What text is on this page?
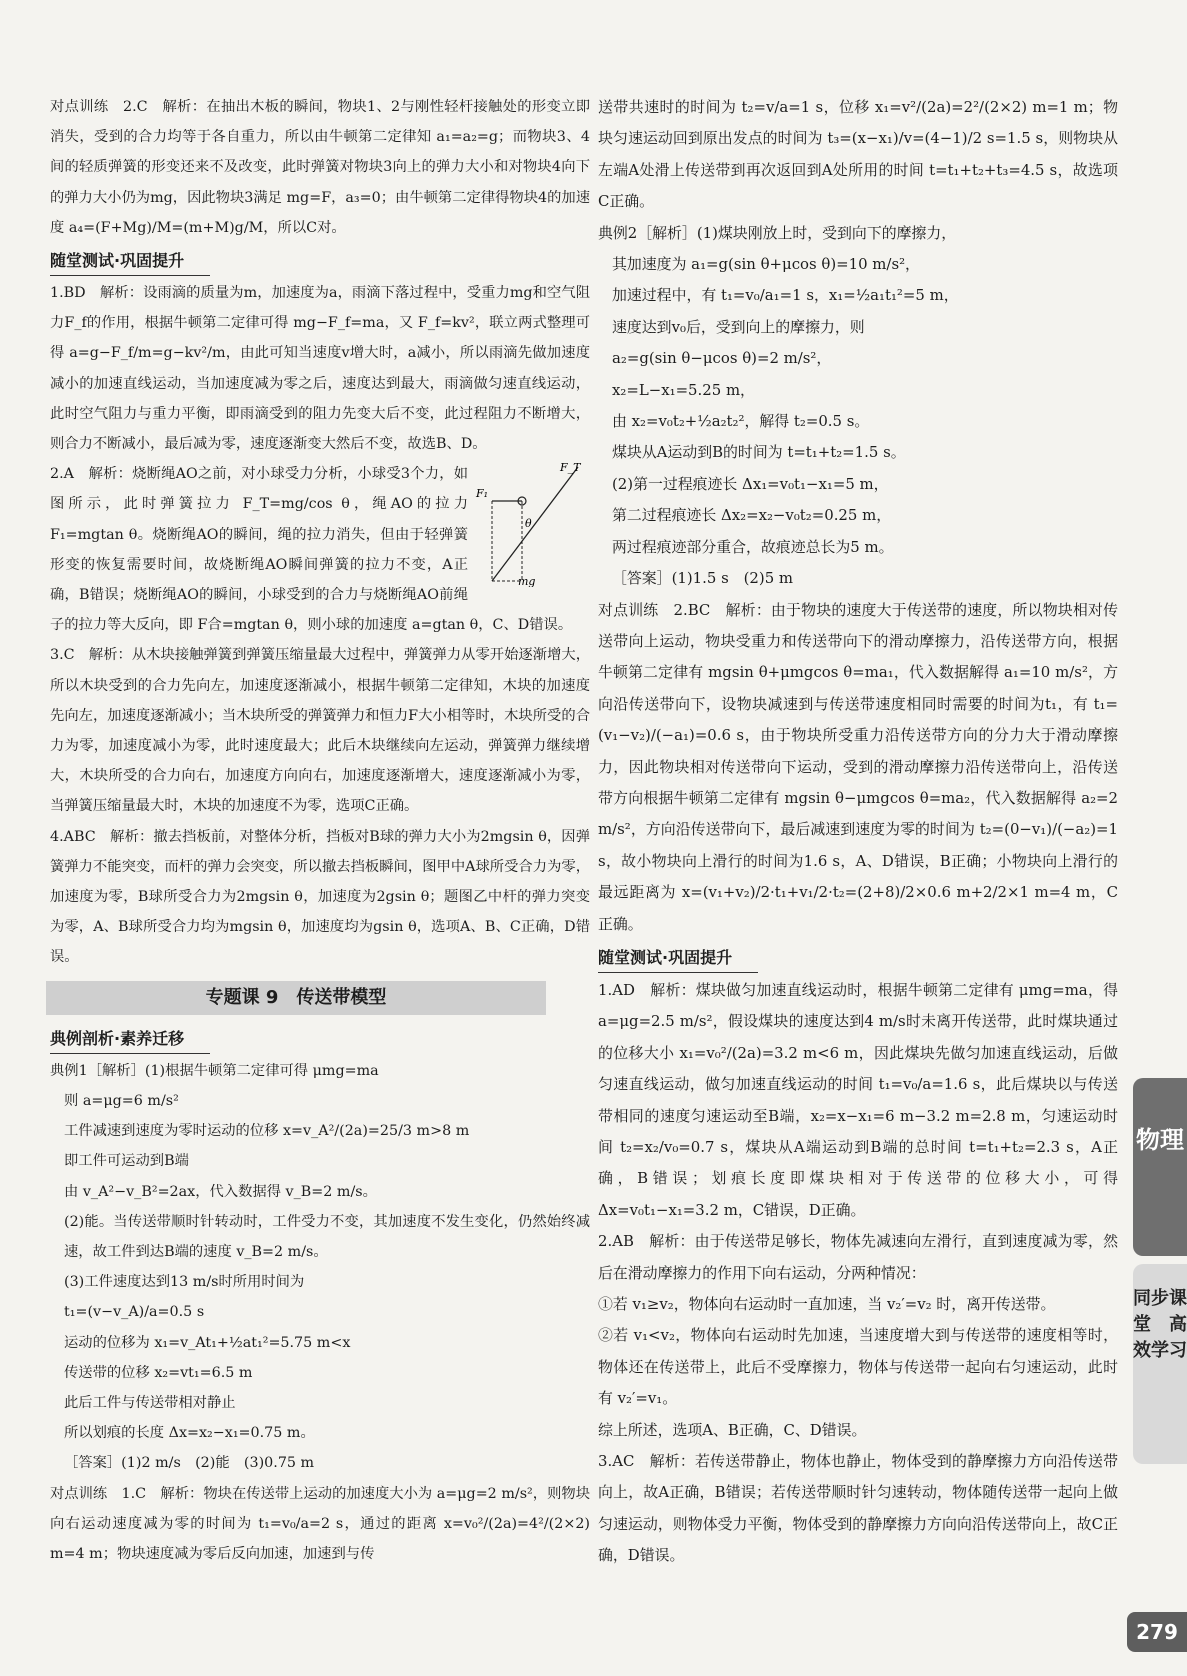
对点训练　2.C　解析：在抽出木板的瞬间，物块1、2与刚性轻杆接触处的形变立即消失，受到的合力均等于各自重力，所以由牛顿第二定律知 a₁=a₂=g；而物块3、4间的轻质弹簧的形变还来不及改变，此时弹簧对物块3向上的弹力大小和对物块4向下的弹力大小仍为mg，因此物块3满足 mg=F，a₃=0；由牛顿第二定律得物块4的加速度 a₄=(F+Mg)/M=(m+M)g/M，所以C对。

随堂测试·巩固提升

1.BD　解析：设雨滴的质量为m，加速度为a，雨滴下落过程中，受重力mg和空气阻力F_f的作用，根据牛顿第二定律可得 mg−F_f=ma，又 F_f=kv²，联立两式整理可得 a=g−F_f/m=g−kv²/m，由此可知当速度v增大时，a减小，所以雨滴先做加速度减小的加速直线运动，当加速度减为零之后，速度达到最大，雨滴做匀速直线运动，此时空气阻力与重力平衡，即雨滴受到的阻力先变大后不变，此过程阻力不断增大，则合力不断减小，最后减为零，速度逐渐变大然后不变，故选B、D。

F_T
F₁
θ
mg

2.A　解析：烧断绳AO之前，对小球受力分析，小球受3个力，如图所示，此时弹簧拉力 F_T=mg/cos θ，绳AO的拉力 F₁=mgtan θ。烧断绳AO的瞬间，绳的拉力消失，但由于轻弹簧形变的恢复需要时间，故烧断绳AO瞬间弹簧的拉力不变，A正确，B错误；烧断绳AO的瞬间，小球受到的合力与烧断绳AO前绳子的拉力等大反向，即 F合=mgtan θ，则小球的加速度 a=gtan θ，C、D错误。

3.C　解析：从木块接触弹簧到弹簧压缩量最大过程中，弹簧弹力从零开始逐渐增大，所以木块受到的合力先向左，加速度逐渐减小，根据牛顿第二定律知，木块的加速度先向左，加速度逐渐减小；当木块所受的弹簧弹力和恒力F大小相等时，木块所受的合力为零，加速度减小为零，此时速度最大；此后木块继续向左运动，弹簧弹力继续增大，木块所受的合力向右，加速度方向向右，加速度逐渐增大，速度逐渐减小为零，当弹簧压缩量最大时，木块的加速度不为零，选项C正确。

4.ABC　解析：撤去挡板前，对整体分析，挡板对B球的弹力大小为2mgsin θ，因弹簧弹力不能突变，而杆的弹力会突变，所以撤去挡板瞬间，图甲中A球所受合力为零，加速度为零，B球所受合力为2mgsin θ，加速度为2gsin θ；题图乙中杆的弹力突变为零，A、B球所受合力均为mgsin θ，加速度均为gsin θ，选项A、B、C正确，D错误。

专题课 9　传送带模型
典例剖析·素养迁移

典例1［解析］(1)根据牛顿第二定律可得 μmg=ma

则 a=μg=6 m/s²

工件减速到速度为零时运动的位移 x=v_A²/(2a)=25/3 m>8 m

即工件可运动到B端

由 v_A²−v_B²=2ax，代入数据得 v_B=2 m/s。

(2)能。当传送带顺时针转动时，工件受力不变，其加速度不发生变化，仍然始终减速，故工件到达B端的速度 v_B=2 m/s。

(3)工件速度达到13 m/s时所用时间为

t₁=(v−v_A)/a=0.5 s

运动的位移为 x₁=v_At₁+½at₁²=5.75 m<x

传送带的位移 x₂=vt₁=6.5 m

此后工件与传送带相对静止

所以划痕的长度 Δx=x₂−x₁=0.75 m。

［答案］(1)2 m/s　(2)能　(3)0.75 m

对点训练　1.C　解析：物块在传送带上运动的加速度大小为 a=μg=2 m/s²，则物块向右运动速度减为零的时间为 t₁=v₀/a=2 s，通过的距离 x=v₀²/(2a)=4²/(2×2) m=4 m；物块速度减为零后反向加速，加速到与传

送带共速时的时间为 t₂=v/a=1 s，位移 x₁=v²/(2a)=2²/(2×2) m=1 m；物块匀速运动回到原出发点的时间为 t₃=(x−x₁)/v=(4−1)/2 s=1.5 s，则物块从左端A处滑上传送带到再次返回到A处所用的时间 t=t₁+t₂+t₃=4.5 s，故选项C正确。

典例2［解析］(1)煤块刚放上时，受到向下的摩擦力，

其加速度为 a₁=g(sin θ+μcos θ)=10 m/s²，

加速过程中，有 t₁=v₀/a₁=1 s，x₁=½a₁t₁²=5 m，

速度达到v₀后，受到向上的摩擦力，则

a₂=g(sin θ−μcos θ)=2 m/s²，

x₂=L−x₁=5.25 m，

由 x₂=v₀t₂+½a₂t₂²，解得 t₂=0.5 s。

煤块从A运动到B的时间为 t=t₁+t₂=1.5 s。

(2)第一过程痕迹长 Δx₁=v₀t₁−x₁=5 m，

第二过程痕迹长 Δx₂=x₂−v₀t₂=0.25 m，

两过程痕迹部分重合，故痕迹总长为5 m。

［答案］(1)1.5 s　(2)5 m

对点训练　2.BC　解析：由于物块的速度大于传送带的速度，所以物块相对传送带向上运动，物块受重力和传送带向下的滑动摩擦力，沿传送带方向，根据牛顿第二定律有 mgsin θ+μmgcos θ=ma₁，代入数据解得 a₁=10 m/s²，方向沿传送带向下，设物块减速到与传送带速度相同时需要的时间为t₁，有 t₁=(v₁−v₂)/(−a₁)=0.6 s，由于物块所受重力沿传送带方向的分力大于滑动摩擦力，因此物块相对传送带向下运动，受到的滑动摩擦力沿传送带向上，沿传送带方向根据牛顿第二定律有 mgsin θ−μmgcos θ=ma₂，代入数据解得 a₂=2 m/s²，方向沿传送带向下，最后减速到速度为零的时间为 t₂=(0−v₁)/(−a₂)=1 s，故小物块向上滑行的时间为1.6 s，A、D错误，B正确；小物块向上滑行的最远距离为 x=(v₁+v₂)/2·t₁+v₁/2·t₂=(2+8)/2×0.6 m+2/2×1 m=4 m，C正确。

随堂测试·巩固提升

1.AD　解析：煤块做匀加速直线运动时，根据牛顿第二定律有 μmg=ma，得 a=μg=2.5 m/s²，假设煤块的速度达到4 m/s时未离开传送带，此时煤块通过的位移大小 x₁=v₀²/(2a)=3.2 m<6 m，因此煤块先做匀加速直线运动，后做匀速直线运动，做匀加速直线运动的时间 t₁=v₀/a=1.6 s，此后煤块以与传送带相同的速度匀速运动至B端，x₂=x−x₁=6 m−3.2 m=2.8 m，匀速运动时间 t₂=x₂/v₀=0.7 s，煤块从A端运动到B端的总时间 t=t₁+t₂=2.3 s，A正确，B错误；划痕长度即煤块相对于传送带的位移大小，可得 Δx=v₀t₁−x₁=3.2 m，C错误，D正确。

2.AB　解析：由于传送带足够长，物体先减速向左滑行，直到速度减为零，然后在滑动摩擦力的作用下向右运动，分两种情况：

①若 v₁≥v₂，物体向右运动时一直加速，当 v₂′=v₂ 时，离开传送带。

②若 v₁<v₂，物体向右运动时先加速，当速度增大到与传送带的速度相等时，物体还在传送带上，此后不受摩擦力，物体与传送带一起向右匀速运动，此时有 v₂′=v₁。

综上所述，选项A、B正确，C、D错误。

3.AC　解析：若传送带静止，物体也静止，物体受到的静摩擦力方向沿传送带向上，故A正确，B错误；若传送带顺时针匀速转动，物体随传送带一起向上做匀速运动，则物体受力平衡，物体受到的静摩擦力方向向沿传送带向上，故C正确，D错误。

物理
同步课堂　高效学习
279
